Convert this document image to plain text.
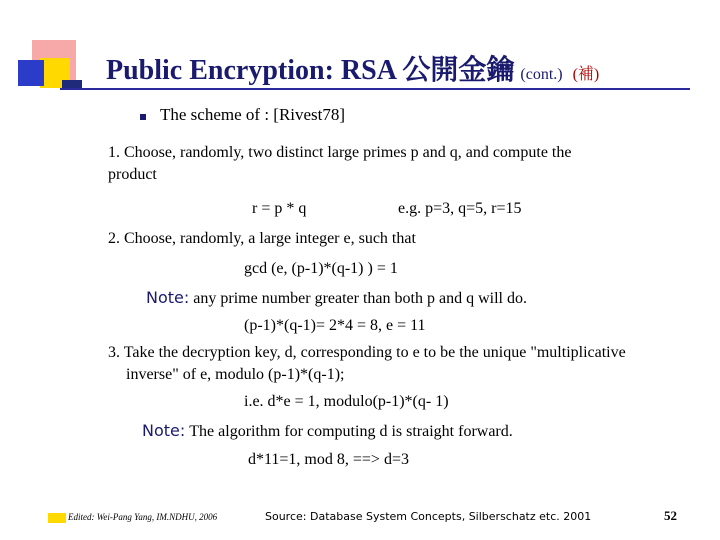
Public Encryption: RSA 公開金鑰 (cont.) (補)
The scheme of : [Rivest78]
1. Choose, randomly, two distinct large primes p and q, and compute the
product
r = p * q	e.g. p=3, q=5, r=15
2. Choose, randomly, a large integer e, such that
gcd (e, (p-1)*(q-1) ) = 1
Note: any prime number greater than both p and q will do.
(p-1)*(q-1)= 2*4 = 8, e = 11
3. Take the decryption key, d, corresponding to e to be the unique "multiplicative
inverse" of e, modulo (p-1)*(q-1);
i.e. d*e = 1, modulo(p-1)*(q- 1)
Note: The algorithm for computing d is straight forward.
d*11=1, mod 8, ==> d=3
Edited: Wei-Pang Yang, IM.NDHU, 2006	Source: Database System Concepts, Silberschatz etc. 2001	52
